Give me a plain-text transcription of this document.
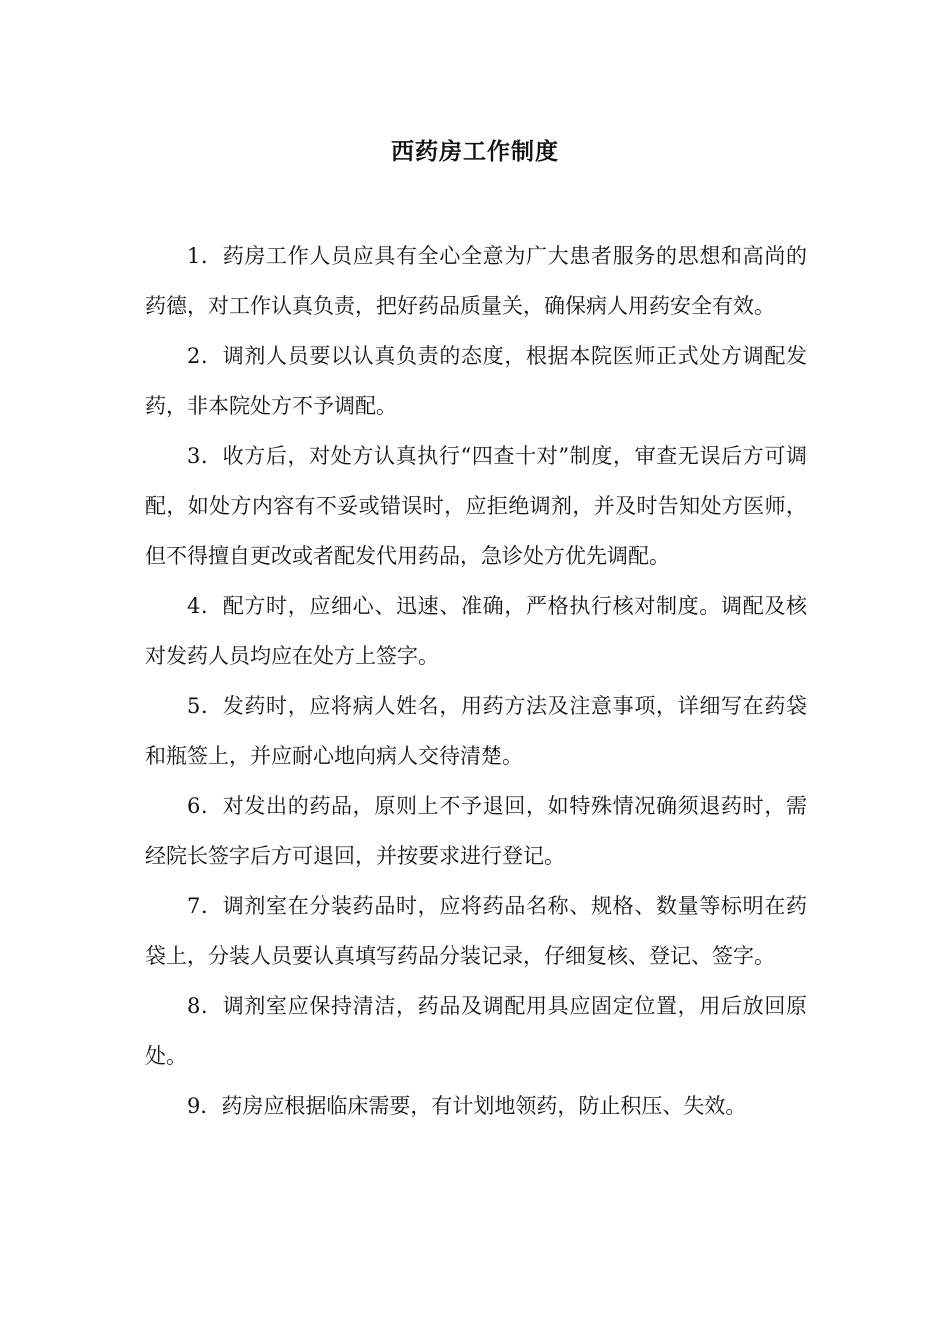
西药房工作制度

1．药房工作人员应具有全心全意为广大患者服务的思想和高尚的药德，对工作认真负责，把好药品质量关，确保病人用药安全有效。

2．调剂人员要以认真负责的态度，根据本院医师正式处方调配发药，非本院处方不予调配。

3．收方后，对处方认真执行“四查十对”制度，审查无误后方可调配，如处方内容有不妥或错误时，应拒绝调剂，并及时告知处方医师，但不得擅自更改或者配发代用药品，急诊处方优先调配。

4．配方时，应细心、迅速、准确，严格执行核对制度。调配及核对发药人员均应在处方上签字。

5．发药时，应将病人姓名，用药方法及注意事项，详细写在药袋和瓶签上，并应耐心地向病人交待清楚。

6．对发出的药品，原则上不予退回，如特殊情况确须退药时，需经院长签字后方可退回，并按要求进行登记。

7．调剂室在分装药品时，应将药品名称、规格、数量等标明在药袋上，分装人员要认真填写药品分装记录，仔细复核、登记、签字。

8．调剂室应保持清洁，药品及调配用具应固定位置，用后放回原处。

9．药房应根据临床需要，有计划地领药，防止积压、失效。
